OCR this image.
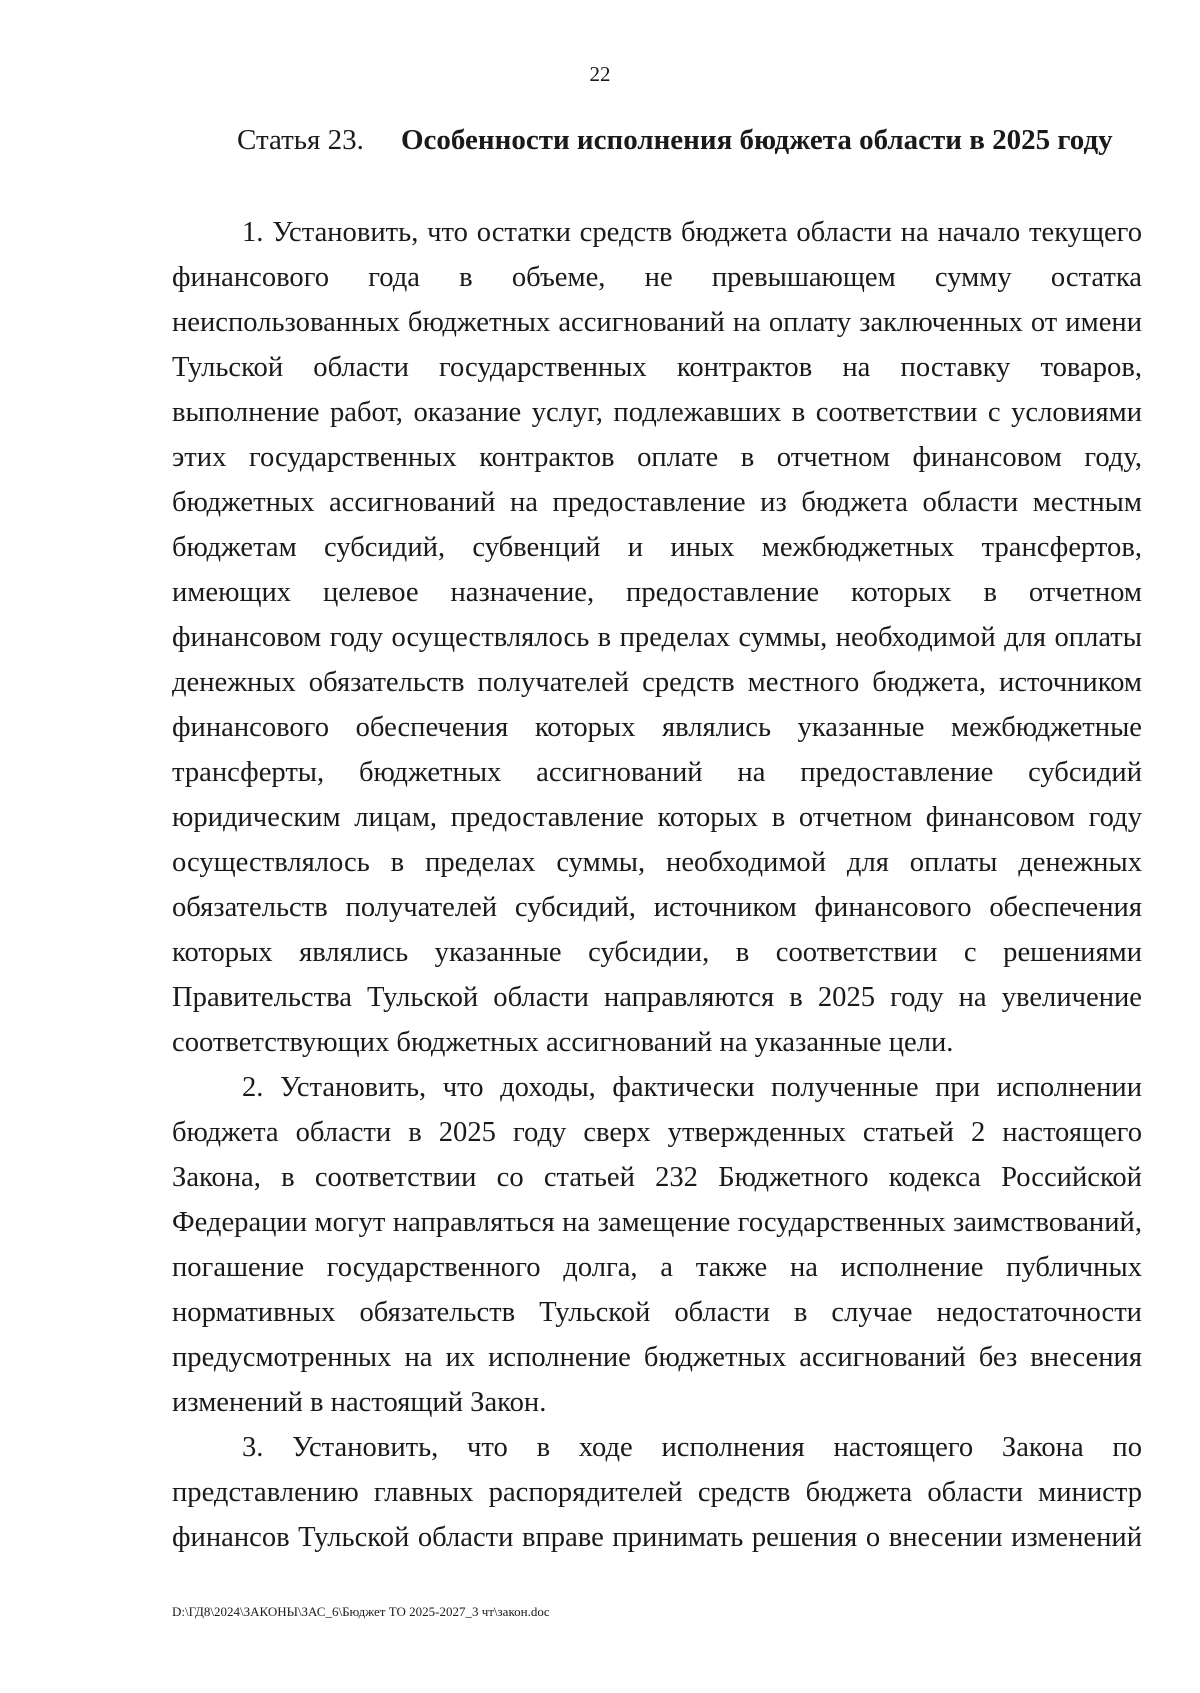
22
Статья 23. Особенности исполнения бюджета области в 2025 году

1. Установить, что остатки средств бюджета области на начало текущего финансового года в объеме, не превышающем сумму остатка неиспользованных бюджетных ассигнований на оплату заключенных от имени Тульской области государственных контрактов на поставку товаров, выполнение работ, оказание услуг, подлежавших в соответствии с условиями этих государственных контрактов оплате в отчетном финансовом году, бюджетных ассигнований на предоставление из бюджета области местным бюджетам субсидий, субвенций и иных межбюджетных трансфертов, имеющих целевое назначение, предоставление которых в отчетном финансовом году осуществлялось в пределах суммы, необходимой для оплаты денежных обязательств получателей средств местного бюджета, источником финансового обеспечения которых являлись указанные межбюджетные трансферты, бюджетных ассигнований на предоставление субсидий юридическим лицам, предоставление которых в отчетном финансовом году осуществлялось в пределах суммы, необходимой для оплаты денежных обязательств получателей субсидий, источником финансового обеспечения которых являлись указанные субсидии, в соответствии с решениями Правительства Тульской области направляются в 2025 году на увеличение соответствующих бюджетных ассигнований на указанные цели.

2. Установить, что доходы, фактически полученные при исполнении бюджета области в 2025 году сверх утвержденных статьей 2 настоящего Закона, в соответствии со статьей 232 Бюджетного кодекса Российской Федерации могут направляться на замещение государственных заимствований, погашение государственного долга, а также на исполнение публичных нормативных обязательств Тульской области в случае недостаточности предусмотренных на их исполнение бюджетных ассигнований без внесения изменений в настоящий Закон.

3. Установить, что в ходе исполнения настоящего Закона по представлению главных распорядителей средств бюджета области министр финансов Тульской области вправе принимать решения о внесении изменений

D:\ГД8\2024\ЗАКОНЫ\ЗАС_6\Бюджет ТО 2025-2027_3 чт\закон.doc
